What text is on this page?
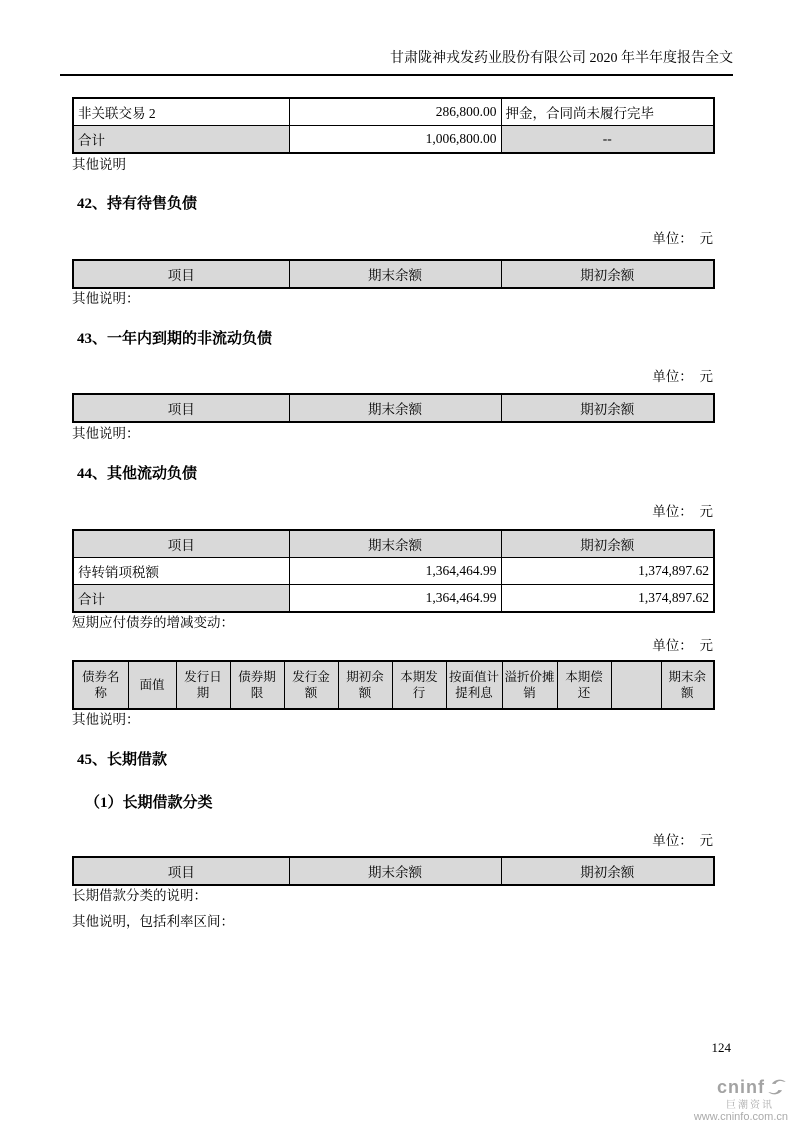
甘肃陇神戎发药业股份有限公司 2020 年半年度报告全文
非关联交易 2	286,800.00	押金，合同尚未履行完毕
合计	1,006,800.00	--
其他说明
42、持有待售负债
单位：　元
项目	期末余额	期初余额
其他说明：
43、一年内到期的非流动负债
单位：　元
项目	期末余额	期初余额
其他说明：
44、其他流动负债
单位：　元
项目	期末余额	期初余额
待转销项税额	1,364,464.99	1,374,897.62
合计	1,364,464.99	1,374,897.62
短期应付债券的增减变动：
单位：　元
债券名称	面值	发行日期	债券期限	发行金额	期初余额	本期发行	按面值计提利息	溢折价摊销	本期偿还		期末余额
其他说明：
45、长期借款
（1）长期借款分类
单位：　元
项目	期末余额	期初余额
长期借款分类的说明：
其他说明，包括利率区间：
124
cninf
巨潮资讯
www.cninfo.com.cn
